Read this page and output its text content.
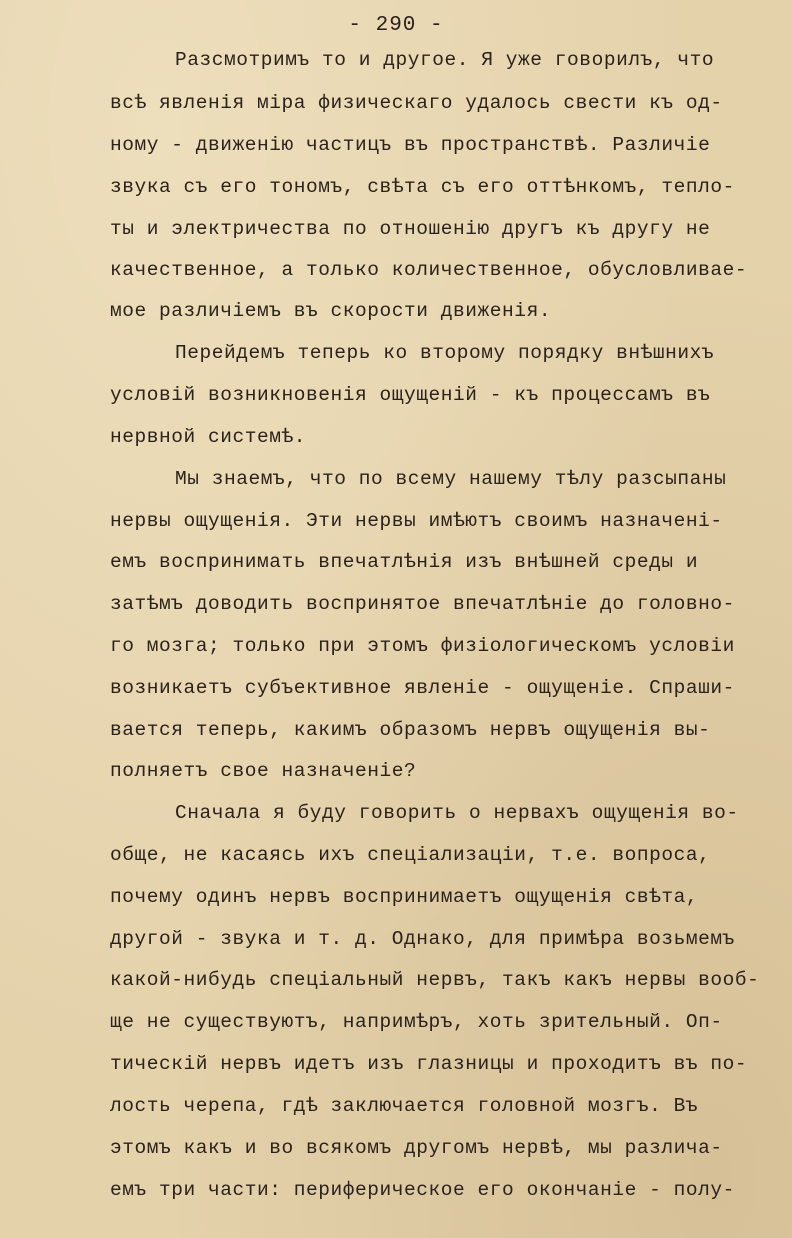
- 290 -
Разсмотримъ то и другое. Я уже говорилъ, что
всѣ явленія міра физическаго удалось свести къ од-
ному - движенію частицъ въ пространствѣ. Различіе
звука съ его тономъ, свѣта съ его оттѣнкомъ, тепло-
ты и электричества по отношенію другъ къ другу не
качественное, а только количественное, обусловливае-
мое различіемъ въ скорости движенія.
Перейдемъ теперь ко второму порядку внѣшнихъ
условій возникновенія ощущеній - къ процессамъ въ
нервной системѣ.
Мы знаемъ, что по всему нашему тѣлу разсыпаны
нервы ощущенія. Эти нервы имѣютъ своимъ назначені-
емъ воспринимать впечатлѣнія изъ внѣшней среды и
затѣмъ доводить воспринятое впечатлѣніе до головно-
го мозга; только при этомъ физіологическомъ условіи
возникаетъ субъективное явленіе - ощущеніе. Спраши-
вается теперь, какимъ образомъ нервъ ощущенія вы-
полняетъ свое назначеніе?
Сначала я буду говорить о нервахъ ощущенія во-
обще, не касаясь ихъ спеціализаціи, т.е. вопроса,
почему одинъ нервъ воспринимаетъ ощущенія свѣта,
другой - звука и т. д. Однако, для примѣра возьмемъ
какой-нибудь спеціальный нервъ, такъ какъ нервы вооб-
ще не существуютъ, напримѣръ, хоть зрительный. Оп-
тическій нервъ идетъ изъ глазницы и проходитъ въ по-
лость черепа, гдѣ заключается головной мозгъ. Въ
этомъ какъ и во всякомъ другомъ нервѣ, мы различа-
емъ три части: периферическое его окончаніе - полу-
